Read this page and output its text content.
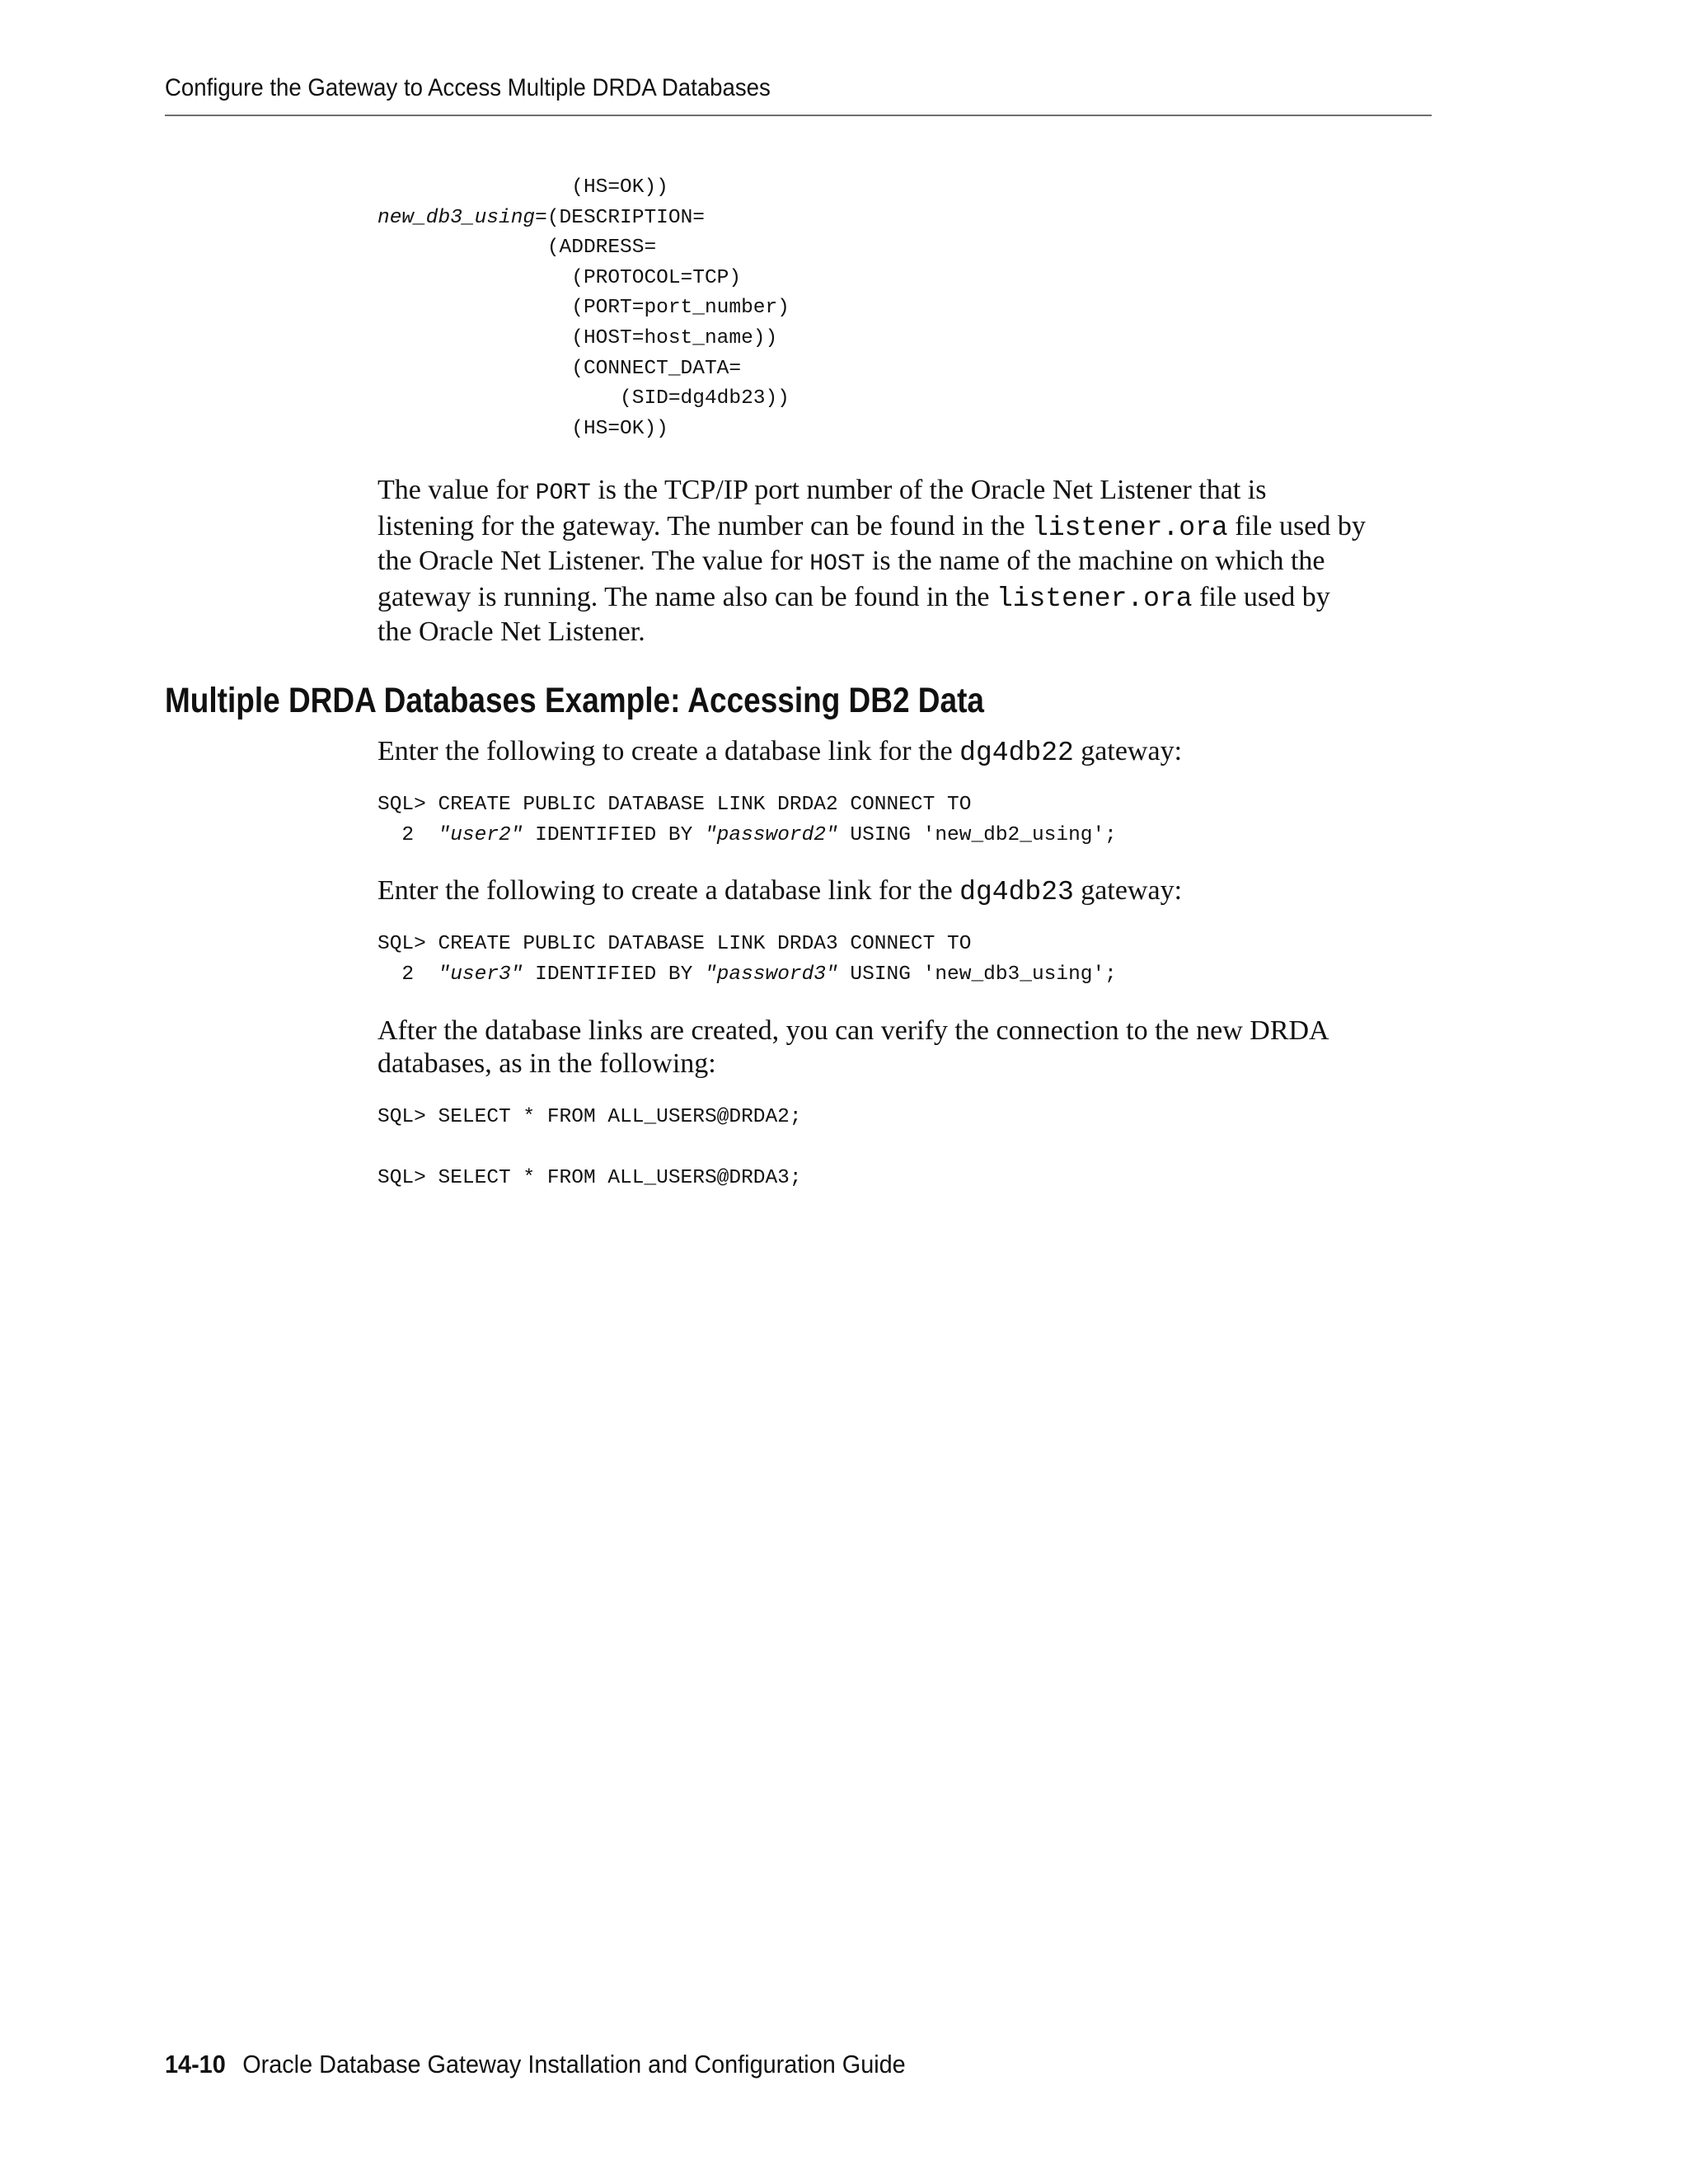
Configure the Gateway to Access Multiple DRDA Databases
(HS=OK))
new_db3_using=(DESCRIPTION=
(ADDRESS=
(PROTOCOL=TCP)
(PORT=port_number)
(HOST=host_name))
(CONNECT_DATA=
(SID=dg4db23))
(HS=OK))
The value for PORT is the TCP/IP port number of the Oracle Net Listener that is
listening for the gateway. The number can be found in the listener.ora file used by
the Oracle Net Listener. The value for HOST is the name of the machine on which the
gateway is running. The name also can be found in the listener.ora file used by
the Oracle Net Listener.
Multiple DRDA Databases Example: Accessing DB2 Data

Enter the following to create a database link for the dg4db22 gateway:

SQL> CREATE PUBLIC DATABASE LINK DRDA2 CONNECT TO
2  "user2" IDENTIFIED BY "password2" USING 'new_db2_using';

Enter the following to create a database link for the dg4db23 gateway:

SQL> CREATE PUBLIC DATABASE LINK DRDA3 CONNECT TO
2  "user3" IDENTIFIED BY "password3" USING 'new_db3_using';
After the database links are created, you can verify the connection to the new DRDA
databases, as in the following:
SQL> SELECT * FROM ALL_USERS@DRDA2;
SQL> SELECT * FROM ALL_USERS@DRDA3;
14-10 Oracle Database Gateway Installation and Configuration Guide
